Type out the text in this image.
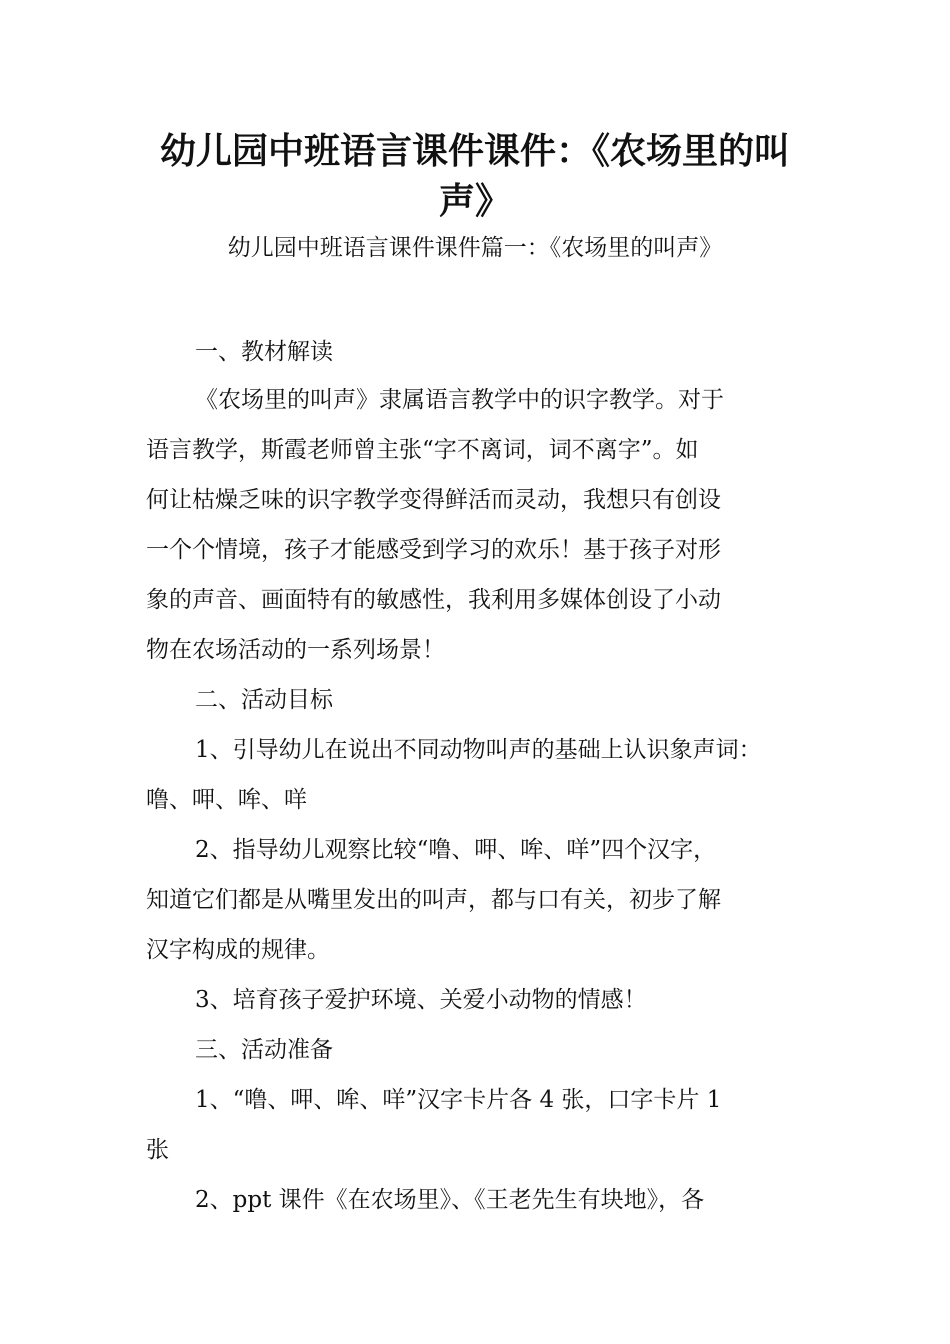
幼儿园中班语言课件课件：《农场里的叫
声》
幼儿园中班语言课件课件篇一：《农场里的叫声》
一、教材解读
《农场里的叫声》隶属语言教学中的识字教学。对于
语言教学，斯霞老师曾主张“字不离词，词不离字”。如
何让枯燥乏味的识字教学变得鲜活而灵动，我想只有创设
一个个情境，孩子才能感受到学习的欢乐！基于孩子对形
象的声音、画面特有的敏感性，我利用多媒体创设了小动
物在农场活动的一系列场景！
二、活动目标
1、引导幼儿在说出不同动物叫声的基础上认识象声词：
噜、呷、哞、咩
2、指导幼儿观察比较“噜、呷、哞、咩”四个汉字，
知道它们都是从嘴里发出的叫声，都与口有关，初步了解
汉字构成的规律。
3、培育孩子爱护环境、关爱小动物的情感！
三、活动准备
1、“噜、呷、哞、咩”汉字卡片各 4 张，口字卡片 1
张
2、ppt 课件《在农场里》、《王老先生有块地》，各
